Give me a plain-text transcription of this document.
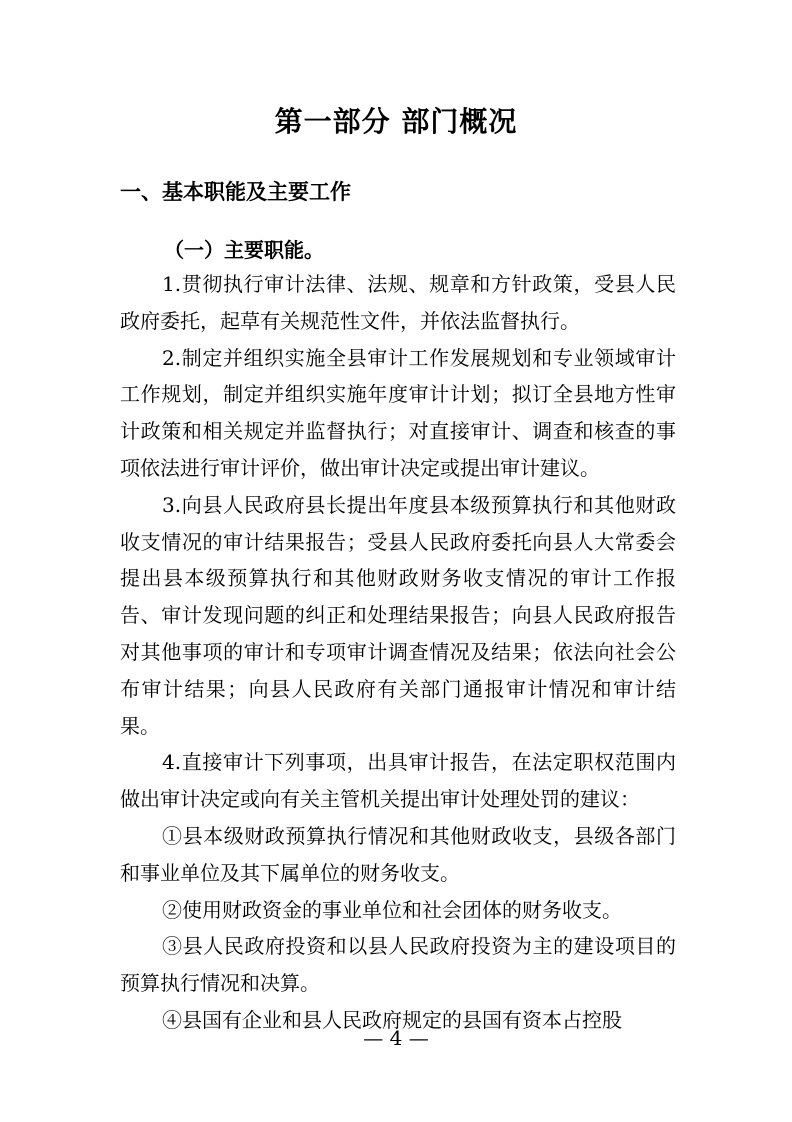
第一部分 部门概况
一、基本职能及主要工作
（一）主要职能。

1.贯彻执行审计法律、法规、规章和方针政策，受县人民政府委托，起草有关规范性文件，并依法监督执行。

2.制定并组织实施全县审计工作发展规划和专业领域审计工作规划，制定并组织实施年度审计计划；拟订全县地方性审计政策和相关规定并监督执行；对直接审计、调查和核查的事项依法进行审计评价，做出审计决定或提出审计建议。

3.向县人民政府县长提出年度县本级预算执行和其他财政收支情况的审计结果报告；受县人民政府委托向县人大常委会提出县本级预算执行和其他财政财务收支情况的审计工作报告、审计发现问题的纠正和处理结果报告；向县人民政府报告对其他事项的审计和专项审计调查情况及结果；依法向社会公布审计结果；向县人民政府有关部门通报审计情况和审计结果。

4.直接审计下列事项，出具审计报告，在法定职权范围内做出审计决定或向有关主管机关提出审计处理处罚的建议：

①县本级财政预算执行情况和其他财政收支，县级各部门和事业单位及其下属单位的财务收支。

②使用财政资金的事业单位和社会团体的财务收支。

③县人民政府投资和以县人民政府投资为主的建设项目的预算执行情况和决算。

④县国有企业和县人民政府规定的县国有资本占控股

— 4 —
